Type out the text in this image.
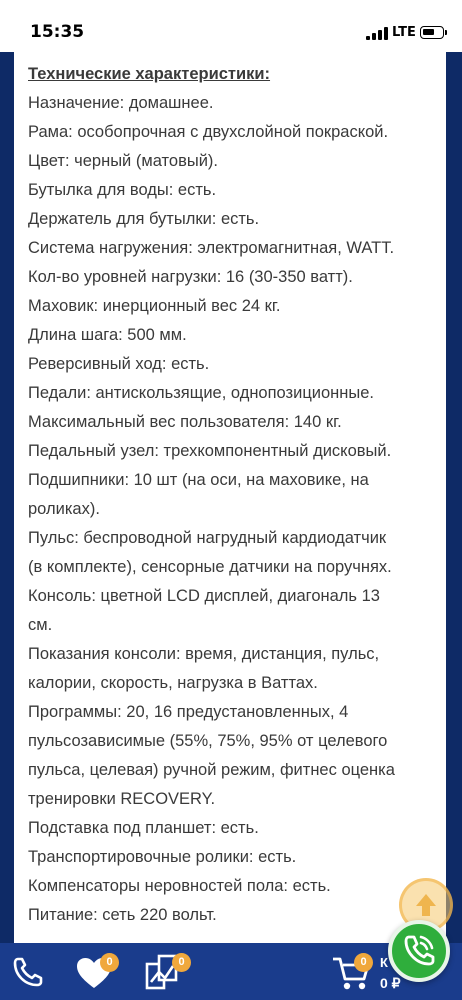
15:35	LTE
Технические характеристики:
Назначение: домашнее.
Рама: особопрочная с двухслойной покраской.
Цвет: черный (матовый).
Бутылка для воды: есть.
Держатель для бутылки: есть.
Система нагружения: электромагнитная, WATT.
Кол-во уровней нагрузки: 16 (30-350 ватт).
Маховик: инерционный вес 24 кг.
Длина шага: 500 мм.
Реверсивный ход: есть.
Педали: антискользящие, однопозиционные.
Максимальный вес пользователя: 140 кг.
Педальный узел: трехкомпонентный дисковый.
Подшипники: 10 шт (на оси, на маховике, на
роликах).
Пульс: беспроводной нагрудный кардиодатчик
(в комплекте), сенсорные датчики на поручнях.
Консоль: цветной LCD дисплей, диагональ 13
см.
Показания консоли: время, дистанция, пульс,
калории, скорость, нагрузка в Ваттах.
Программы: 20, 16 предустановленных, 4
пульсозависимые (55%, 75%, 95% от целевого
пульса, целевая) ручной режим, фитнес оценка
тренировки RECOVERY.
Подставка под планшет: есть.
Транспортировочные ролики: есть.
Компенсаторы неровностей пола: есть.
Питание: сеть 220 вольт.
0	0	0	К
0 ₽
